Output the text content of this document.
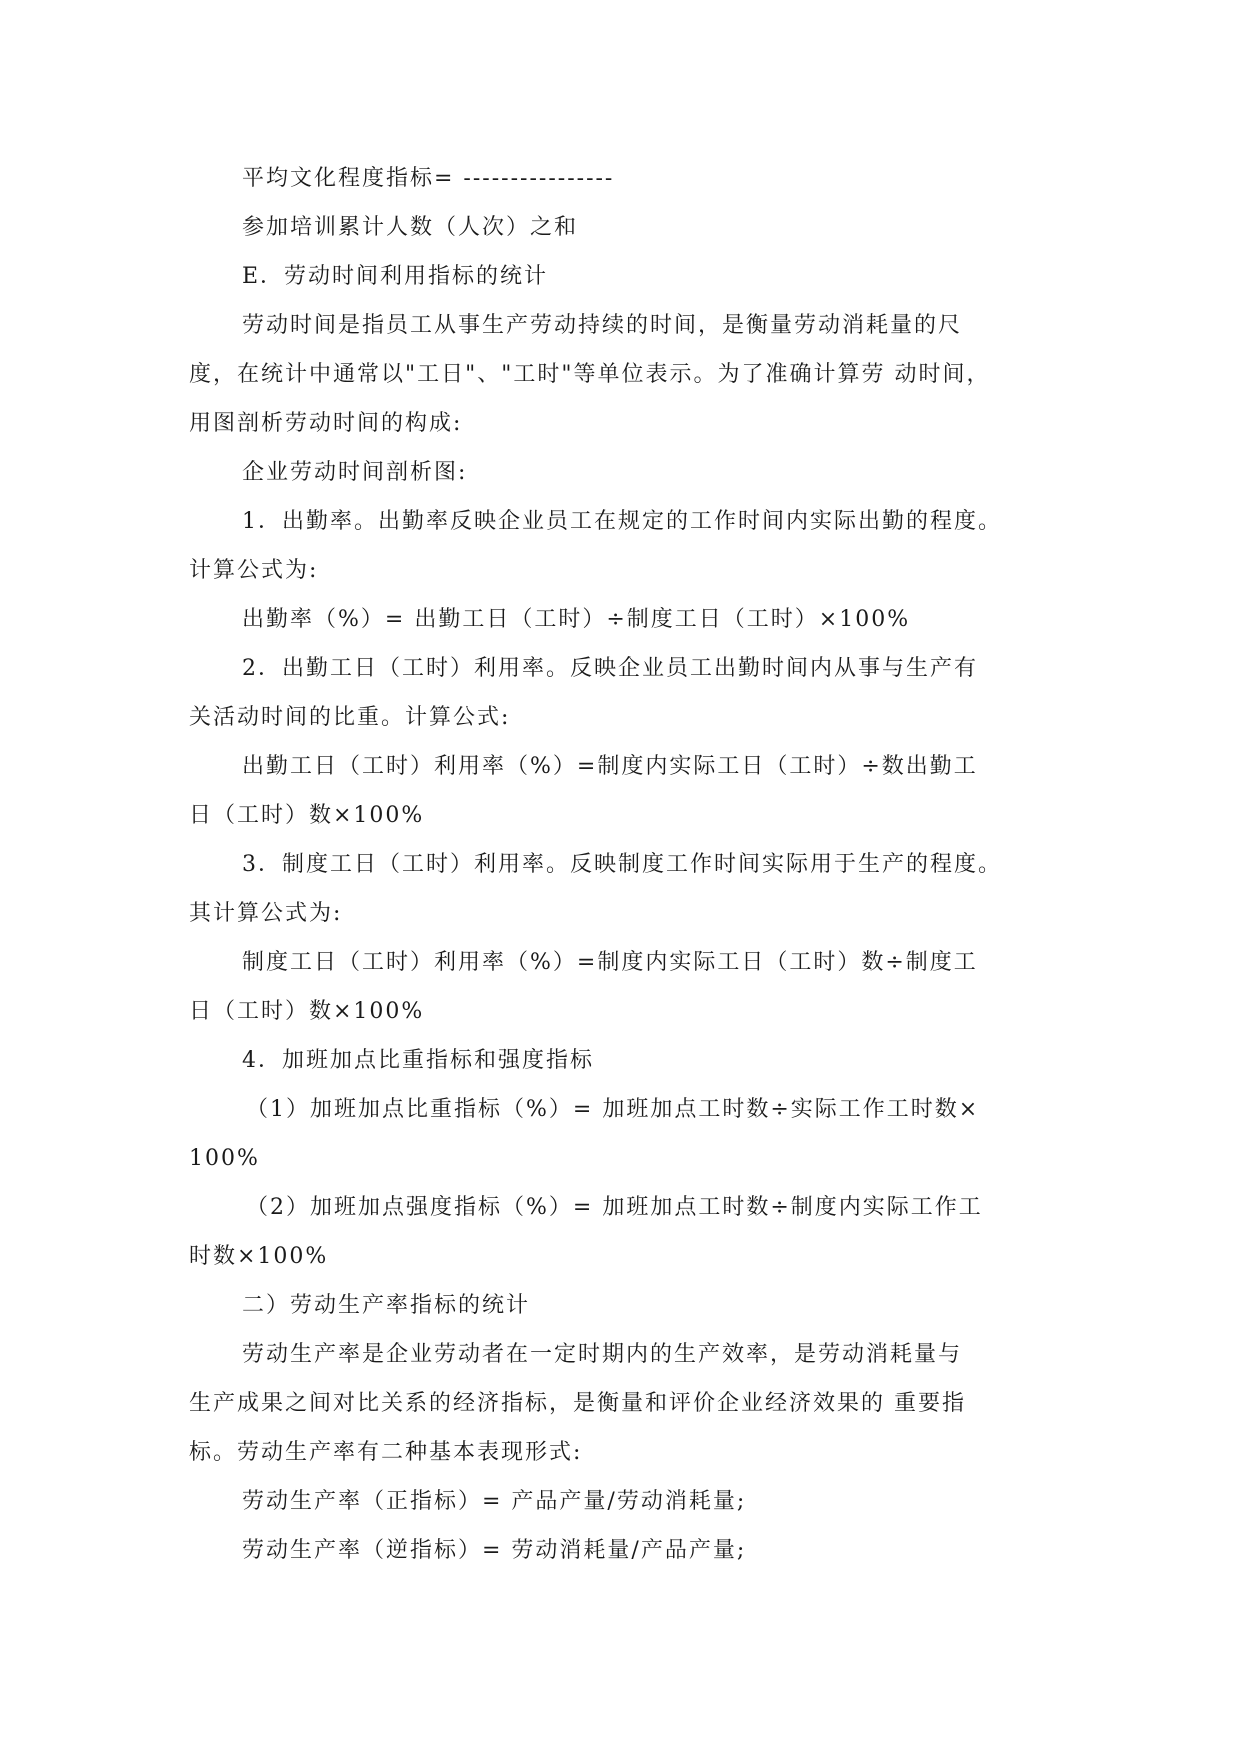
平均文化程度指标= ----------------

参加培训累计人数（人次）之和

E．劳动时间利用指标的统计

劳动时间是指员工从事生产劳动持续的时间，是衡量劳动消耗量的尺

度，在统计中通常以"工日"、"工时"等单位表示。为了准确计算劳 动时间，

用图剖析劳动时间的构成:

企业劳动时间剖析图:

1．出勤率。出勤率反映企业员工在规定的工作时间内实际出勤的程度。

计算公式为:

出勤率（%）= 出勤工日（工时）÷制度工日（工时）×100%

2．出勤工日（工时）利用率。反映企业员工出勤时间内从事与生产有

关活动时间的比重。计算公式:

出勤工日（工时）利用率（%）=制度内实际工日（工时）÷数出勤工

日（工时）数×100%

3．制度工日（工时）利用率。反映制度工作时间实际用于生产的程度。

其计算公式为:

制度工日（工时）利用率（%）=制度内实际工日（工时）数÷制度工

日（工时）数×100%

4．加班加点比重指标和强度指标

（1）加班加点比重指标（%）= 加班加点工时数÷实际工作工时数×

100%

（2）加班加点强度指标（%）= 加班加点工时数÷制度内实际工作工

时数×100%

二）劳动生产率指标的统计

劳动生产率是企业劳动者在一定时期内的生产效率，是劳动消耗量与

生产成果之间对比关系的经济指标，是衡量和评价企业经济效果的 重要指

标。劳动生产率有二种基本表现形式:

劳动生产率（正指标）= 产品产量/劳动消耗量;

劳动生产率（逆指标）= 劳动消耗量/产品产量;
